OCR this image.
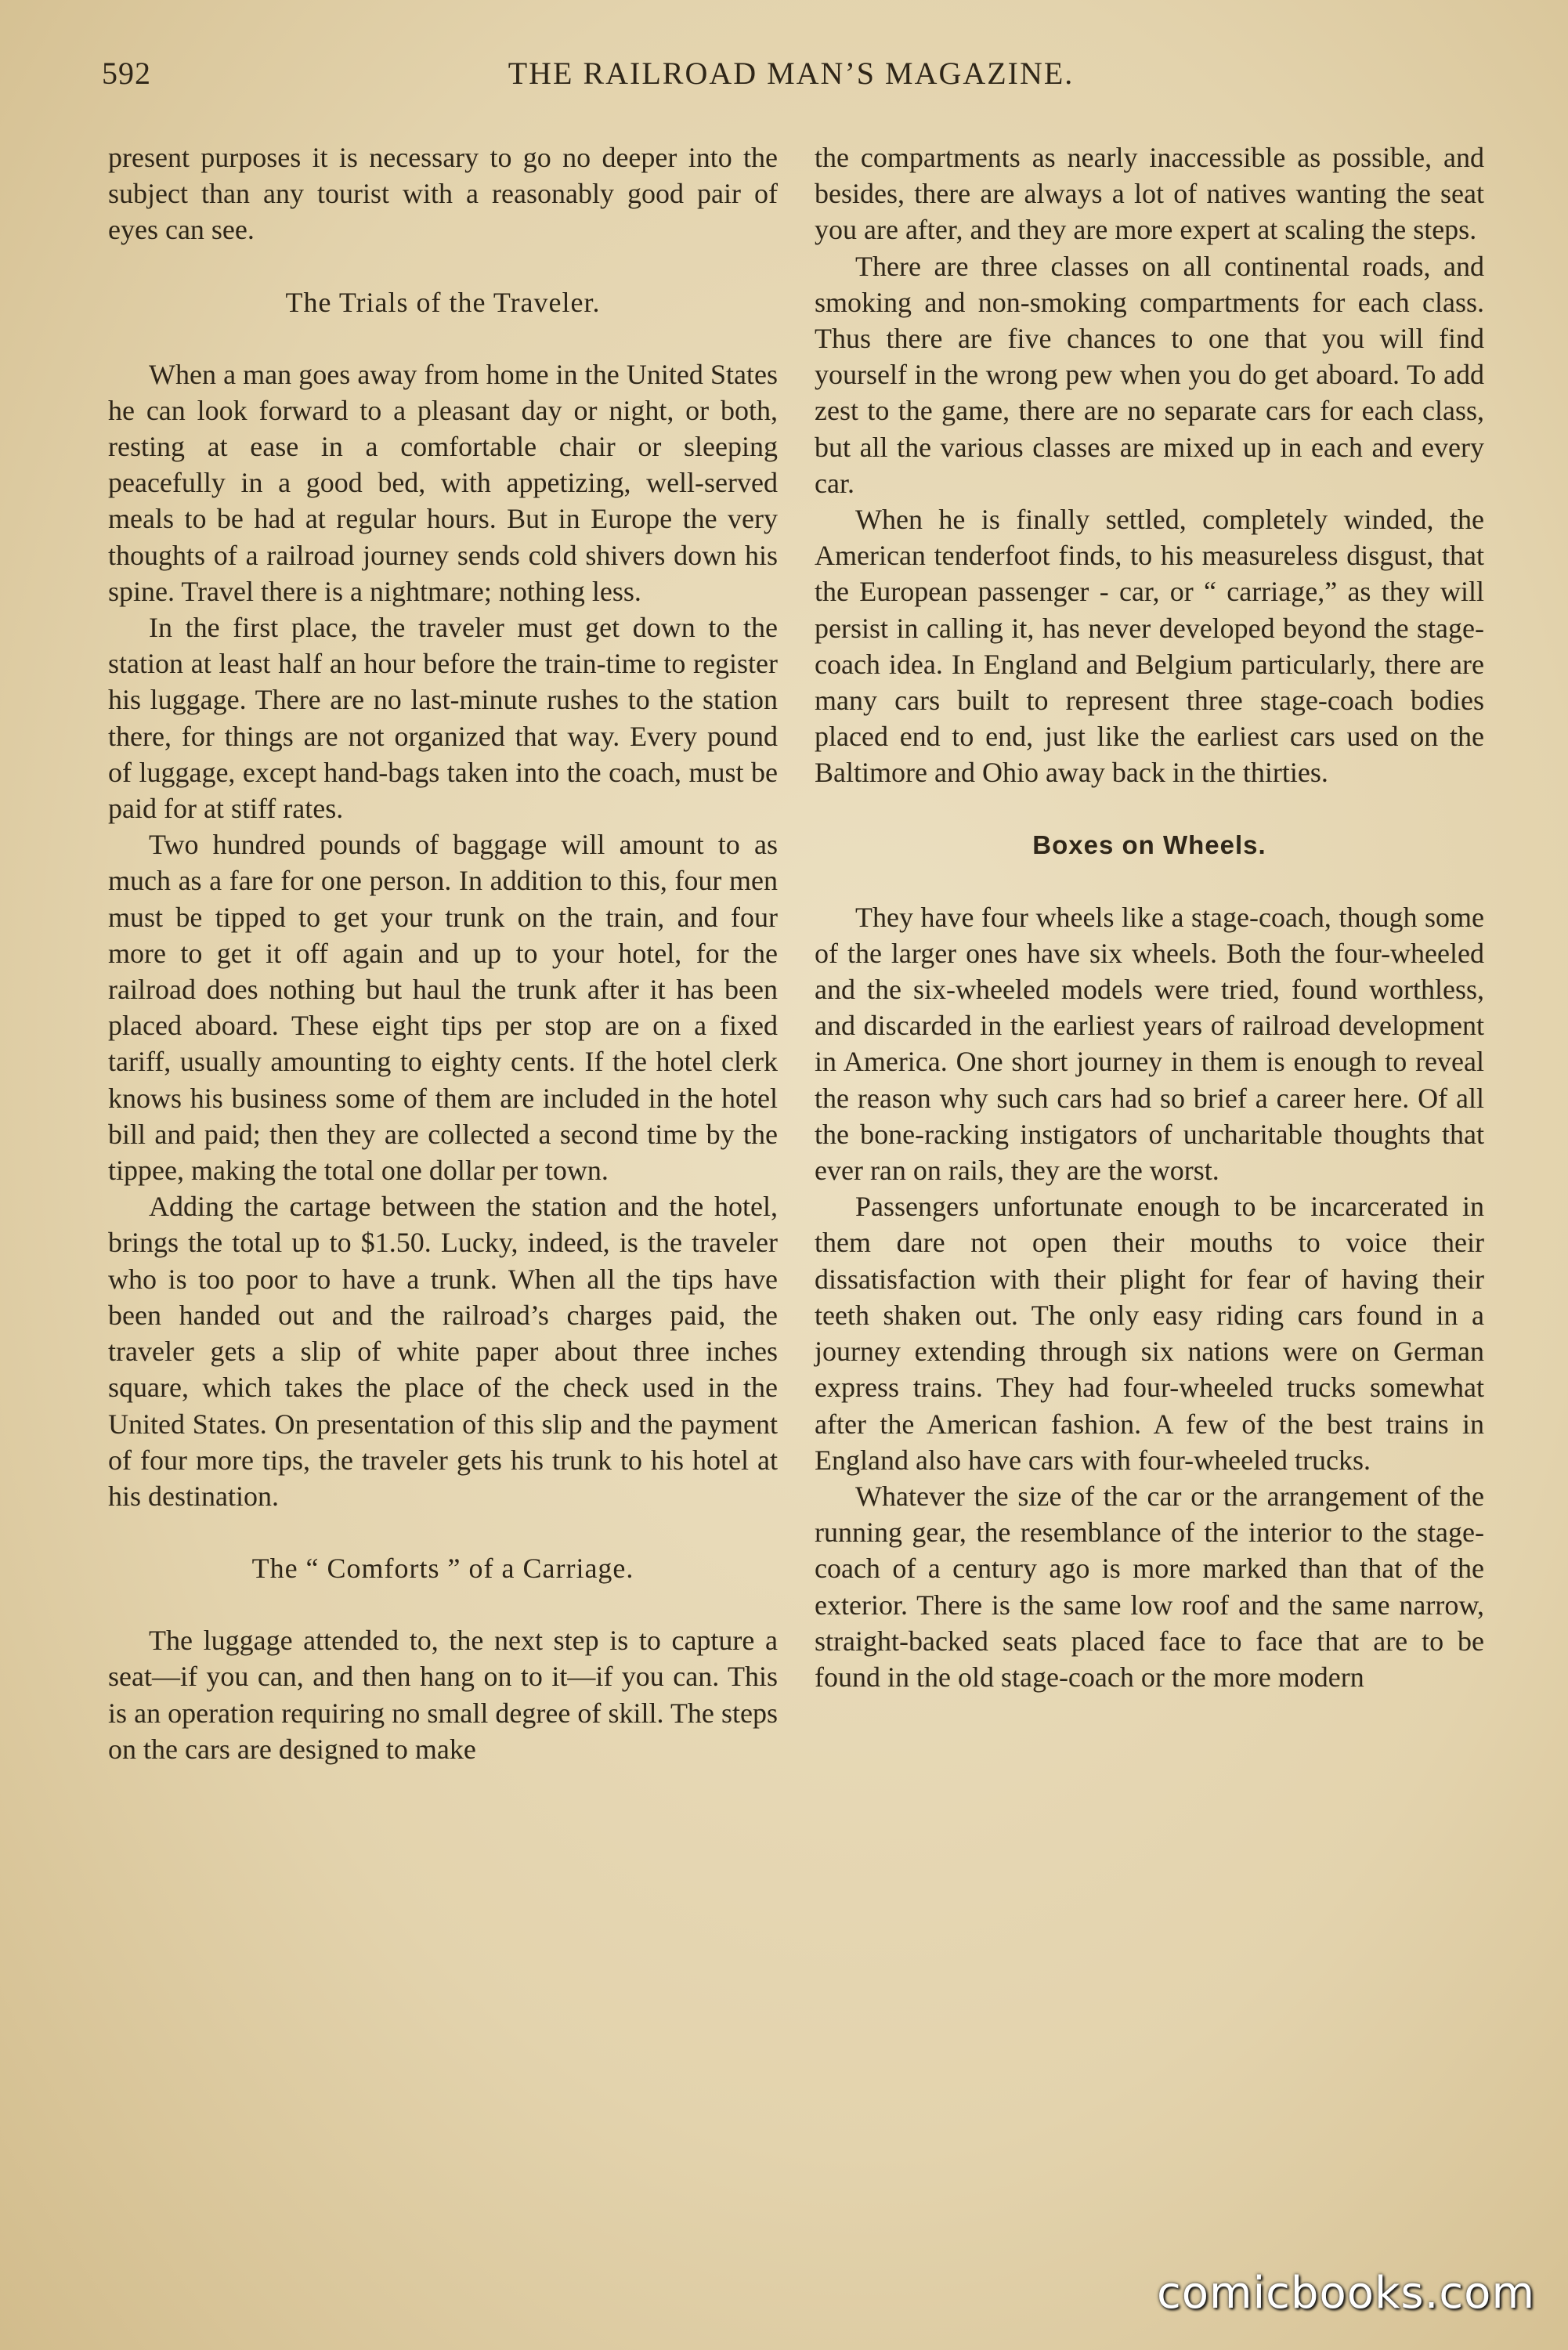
592	THE RAILROAD MAN’S MAGAZINE.

present purposes it is necessary to go no deeper into the subject than any tourist with a reasonably good pair of eyes can see.

The Trials of the Traveler.

When a man goes away from home in the United States he can look forward to a pleasant day or night, or both, resting at ease in a comfortable chair or sleeping peacefully in a good bed, with appetizing, well-served meals to be had at regular hours. But in Europe the very thoughts of a railroad journey sends cold shivers down his spine. Travel there is a nightmare; nothing less.

In the first place, the traveler must get down to the station at least half an hour before the train-time to register his luggage. There are no last-minute rushes to the station there, for things are not organized that way. Every pound of luggage, except hand-bags taken into the coach, must be paid for at stiff rates.

Two hundred pounds of baggage will amount to as much as a fare for one person. In addition to this, four men must be tipped to get your trunk on the train, and four more to get it off again and up to your hotel, for the railroad does nothing but haul the trunk after it has been placed aboard. These eight tips per stop are on a fixed tariff, usually amounting to eighty cents. If the hotel clerk knows his business some of them are included in the hotel bill and paid; then they are collected a second time by the tippee, making the total one dollar per town.

Adding the cartage between the station and the hotel, brings the total up to $1.50. Lucky, indeed, is the traveler who is too poor to have a trunk. When all the tips have been handed out and the railroad’s charges paid, the traveler gets a slip of white paper about three inches square, which takes the place of the check used in the United States. On presentation of this slip and the payment of four more tips, the traveler gets his trunk to his hotel at his destination.

The “ Comforts ” of a Carriage.

The luggage attended to, the next step is to capture a seat—if you can, and then hang on to it—if you can. This is an operation requiring no small degree of skill. The steps on the cars are designed to make

the compartments as nearly inaccessible as possible, and besides, there are always a lot of natives wanting the seat you are after, and they are more expert at scaling the steps.

There are three classes on all continental roads, and smoking and non-smoking compartments for each class. Thus there are five chances to one that you will find yourself in the wrong pew when you do get aboard. To add zest to the game, there are no separate cars for each class, but all the various classes are mixed up in each and every car.

When he is finally settled, completely winded, the American tenderfoot finds, to his measureless disgust, that the European passenger - car, or “ carriage,” as they will persist in calling it, has never developed beyond the stage-coach idea. In England and Belgium particularly, there are many cars built to represent three stage-coach bodies placed end to end, just like the earliest cars used on the Baltimore and Ohio away back in the thirties.

Boxes on Wheels.

They have four wheels like a stage-coach, though some of the larger ones have six wheels. Both the four-wheeled and the six-wheeled models were tried, found worthless, and discarded in the earliest years of railroad development in America. One short journey in them is enough to reveal the reason why such cars had so brief a career here. Of all the bone-racking instigators of uncharitable thoughts that ever ran on rails, they are the worst.

Passengers unfortunate enough to be incarcerated in them dare not open their mouths to voice their dissatisfaction with their plight for fear of having their teeth shaken out. The only easy riding cars found in a journey extending through six nations were on German express trains. They had four-wheeled trucks somewhat after the American fashion. A few of the best trains in England also have cars with four-wheeled trucks.

Whatever the size of the car or the arrangement of the running gear, the resemblance of the interior to the stage-coach of a century ago is more marked than that of the exterior. There is the same low roof and the same narrow, straight-backed seats placed face to face that are to be found in the old stage-coach or the more modern

comicbooks.com
